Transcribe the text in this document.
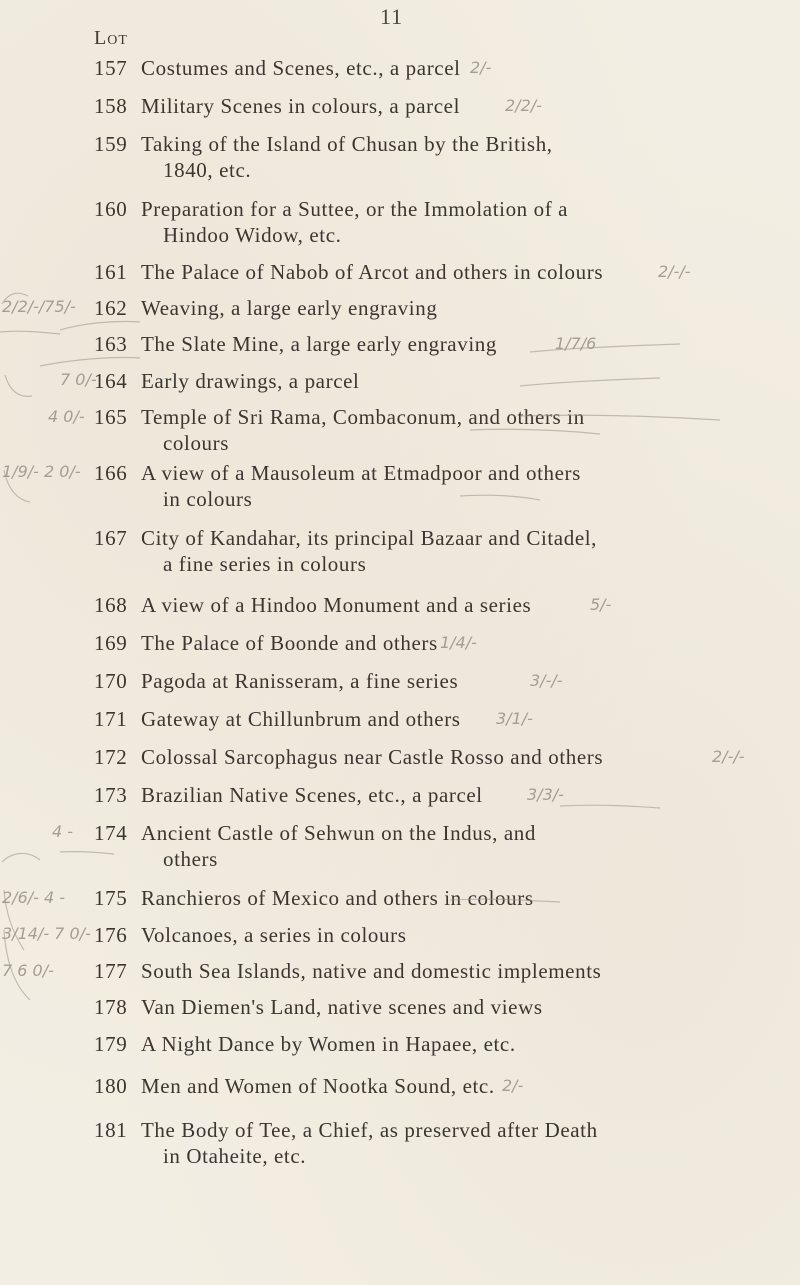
11
Lot
157 Costumes and Scenes, etc., a parcel
158 Military Scenes in colours, a parcel
159 Taking of the Island of Chusan by the British,
1840, etc.
160 Preparation for a Suttee, or the Immolation of a
Hindoo Widow, etc.
161 The Palace of Nabob of Arcot and others in colours
162 Weaving, a large early engraving
163 The Slate Mine, a large early engraving
164 Early drawings, a parcel
165 Temple of Sri Rama, Combaconum, and others in
colours
166 A view of a Mausoleum at Etmadpoor and others
in colours
167 City of Kandahar, its principal Bazaar and Citadel,
a fine series in colours
168 A view of a Hindoo Monument and a series
169 The Palace of Boonde and others
170 Pagoda at Ranisseram, a fine series
171 Gateway at Chillunbrum and others
172 Colossal Sarcophagus near Castle Rosso and others
173 Brazilian Native Scenes, etc., a parcel
174 Ancient Castle of Sehwun on the Indus, and
others
175 Ranchieros of Mexico and others in colours
176 Volcanoes, a series in colours
177 South Sea Islands, native and domestic implements
178 Van Diemen's Land, native scenes and views
179 A Night Dance by Women in Hapaee, etc.
180 Men and Women of Nootka Sound, etc.
181 The Body of Tee, a Chief, as preserved after Death
in Otaheite, etc.
2/-
2/2/-
2/-/-
2/2/-/75/-
1/7/6
7 0/-
4 0/-
1/9/- 2 0/-
5/-
1/4/-
3/-/-
3/1/-
2/-/-
3/3/-
4 -
2/6/- 4 -
3/14/- 7 0/-
7 6 0/-
2/-
